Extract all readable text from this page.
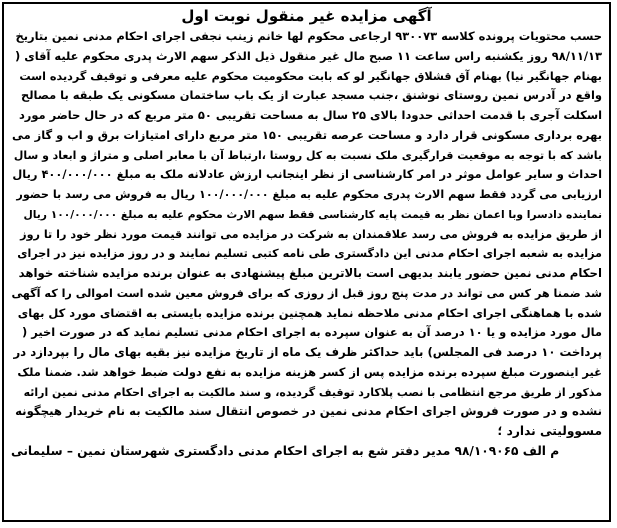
آگهی مزایده غیر منقول نوبت اول
حسب محتویات پرونده کلاسه ۹۳۰۰۷۳ ارجاعی محکوم لها خانم زینب نجفی اجرای احکام مدنی نمین بتاریخ
۹۸/۱۱/۱۳ روز یکشنبه راس ساعت ۱۱ صبح مال غیر منقول ذیل الذکر سهم الارث پدری محکوم علیه آقای (
بهنام جهانگیر نیا) بهنام آق قشلاق جهانگیر لو که بابت محکومیت محکوم علیه معرفی و توقیف گردیده است
واقع در آدرس نمین روستای نوشنق ،جنب مسجد عبارت از یک باب ساختمان مسکونی یک طبقه با مصالح
اسکلت آجری با قدمت احداثی حدودا بالای ۲۵ سال به مساحت تقریبی ۵۰ متر مربع که در حال حاضر مورد
بهره برداری مسکونی قرار دارد و مساحت عرصه تقریبی ۱۵۰ متر مربع دارای امتیازات برق و اب و گاز می
باشد که با توجه به موقعیت قرارگیری ملک نسبت به کل روستا ،ارتباط آن با معابر اصلی و متراژ و ابعاد و سال
احداث و سایر عوامل موثر در امر کارشناسی از نظر اینجانب ارزش عادلانه ملک به مبلغ ۴۰۰/۰۰۰/۰۰۰ ریال
ارزیابی می گردد فقط سهم الارث پدری محکوم علیه به مبلغ ۱۰۰/۰۰۰/۰۰۰ ریال به فروش می رسد با حضور
نماینده دادسرا وبا اعمان نظر به قیمت پایه کارشناسی فقط سهم الارث محکوم علیه به مبلغ ۱۰۰/۰۰۰/۰۰۰ ریال
از طریق مزایده به فروش می رسد علاقمندان به شرکت در مزایده می توانند قیمت مورد نظر خود را تا روز
مزایده به شعبه اجرای احکام مدنی این دادگستری طی نامه کتبی تسلیم نمایند و در روز مزایده نیز در اجرای
احکام مدنی نمین حضور یابند بدیهی است بالاترین مبلغ پیشنهادی به عنوان برنده مزایده شناخته خواهد
شد ضمنا هر کس می تواند در مدت پنج روز قبل از روزی که برای فروش معین شده است اموالی را که آگهی
شده با هماهنگی اجرای احکام مدنی ملاحظه نماید همچنین برنده مزایده بایستی به اقتضای مورد کل بهای
مال مورد مزایده و یا ۱۰ درصد آن به عنوان سپرده به اجرای احکام مدنی تسلیم نماید که در صورت اخیر (
پرداخت ۱۰ درصد فی المجلس) باید حداکثر ظرف یک ماه از تاریخ مزایده نیز بقیه بهای مال را بپردازد در
غیر اینصورت مبلغ سپرده برنده مزایده پس از کسر هزینه مزایده به نفع دولت ضبط خواهد شد. ضمنا ملک
مذکور از طریق مرجع انتظامی با نصب پلاکارد توقیف گردیده، و سند مالکیت به اجرای احکام مدنی نمین ارائه
نشده و در صورت فروش اجرای احکام مدنی نمین در خصوص انتقال سند مالکیت به نام خریدار هیچگونه
مسوولیتی ندارد ؛
م الف ۹۸/۱۰۹۰۶۵ مدیر دفتر شع به اجرای احکام مدنی دادگستری شهرستان نمین – سلیمانی
